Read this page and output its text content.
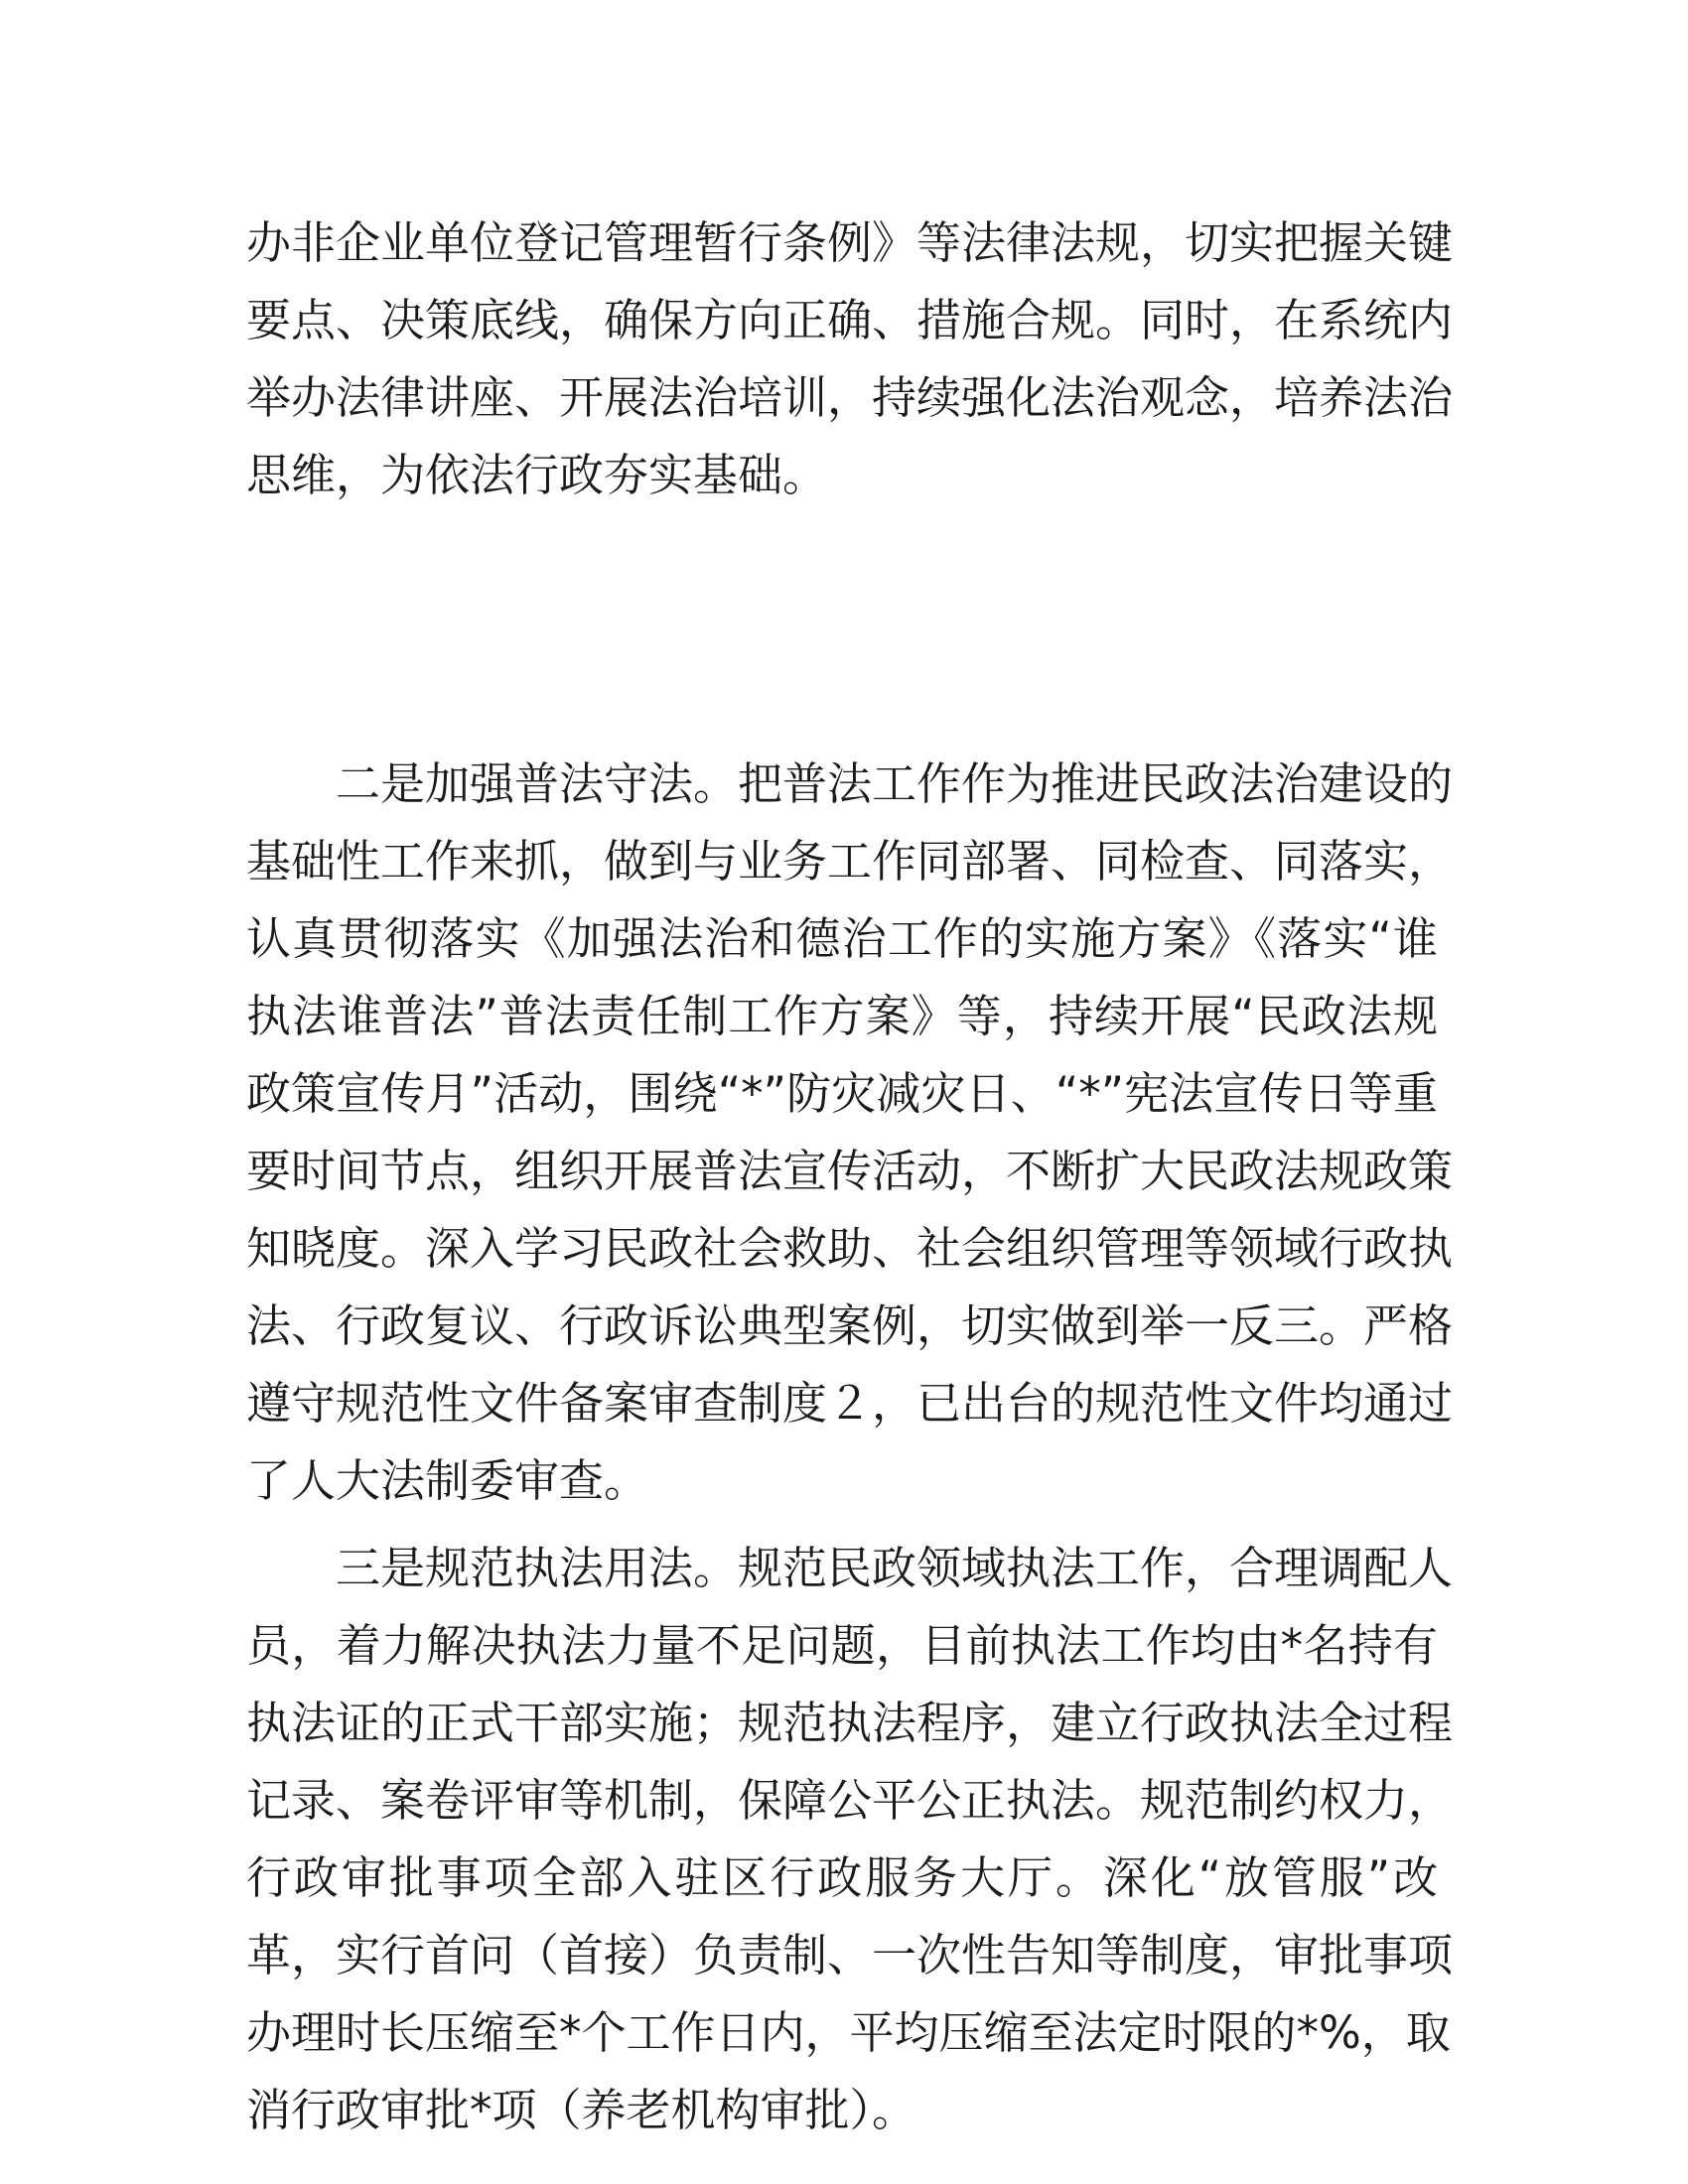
办非企业单位登记管理暂行条例》等法律法规，切实把握关键
要点、决策底线，确保方向正确、措施合规。同时，在系统内
举办法律讲座、开展法治培训，持续强化法治观念，培养法治
思维，为依法行政夯实基础。
二是加强普法守法。把普法工作作为推进民政法治建设的
基础性工作来抓，做到与业务工作同部署、同检查、同落实，
认真贯彻落实《加强法治和德治工作的实施方案》《落实“谁
执法谁普法”普法责任制工作方案》等，持续开展“民政法规
政策宣传月”活动，围绕“*”防灾减灾日、“*”宪法宣传日等重
要时间节点，组织开展普法宣传活动，不断扩大民政法规政策
知晓度。深入学习民政社会救助、社会组织管理等领域行政执
法、行政复议、行政诉讼典型案例，切实做到举一反三。严格
遵守规范性文件备案审查制度２，已出台的规范性文件均通过
了人大法制委审查。
三是规范执法用法。规范民政领域执法工作，合理调配人
员，着力解决执法力量不足问题，目前执法工作均由*名持有
执法证的正式干部实施；规范执法程序，建立行政执法全过程
记录、案卷评审等机制，保障公平公正执法。规范制约权力，
行政审批事项全部入驻区行政服务大厅。深化“放管服”改
革，实行首问（首接）负责制、一次性告知等制度，审批事项
办理时长压缩至*个工作日内，平均压缩至法定时限的*%，取
消行政审批*项（养老机构审批）。
